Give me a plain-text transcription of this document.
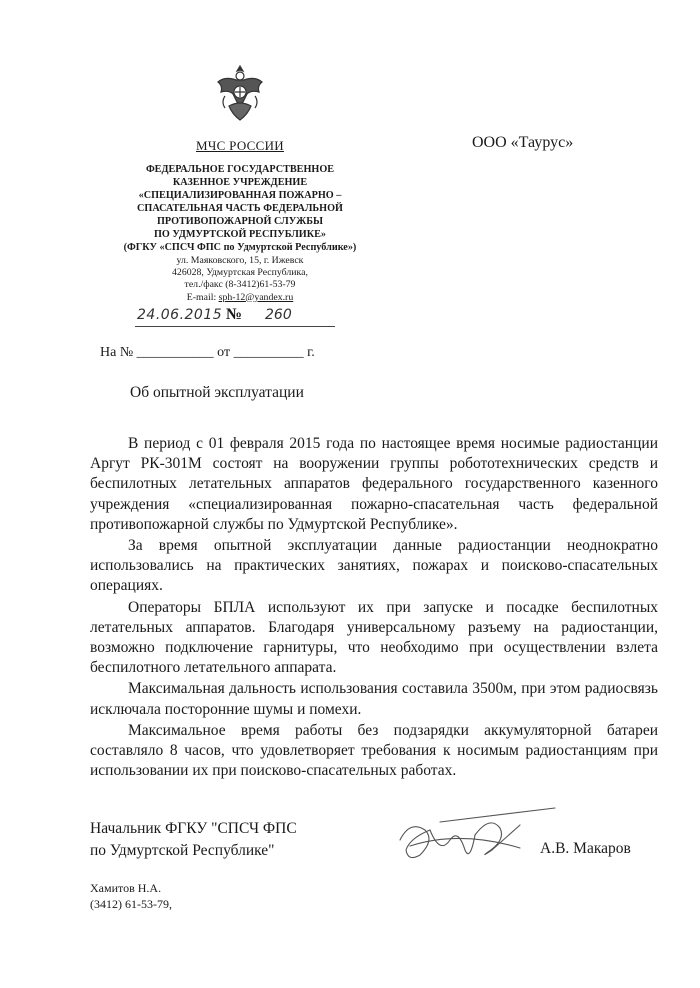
МЧС РОССИИ
ФЕДЕРАЛЬНОЕ ГОСУДАРСТВЕННОЕ
КАЗЕННОЕ УЧРЕЖДЕНИЕ
«СПЕЦИАЛИЗИРОВАННАЯ ПОЖАРНО –
СПАСАТЕЛЬНАЯ ЧАСТЬ ФЕДЕРАЛЬНОЙ
ПРОТИВОПОЖАРНОЙ СЛУЖБЫ
ПО УДМУРТСКОЙ РЕСПУБЛИКЕ»
(ФГКУ «СПСЧ ФПС по Удмуртской Республике»)
ул. Маяковского, 15, г. Ижевск
426028, Удмуртская Республика,
тел./факс (8-3412)61-53-79
E-mail: sph-12@yandex.ru
ООО «Таурус»
24.06.2015 № 260
На № ___________ от __________ г.
Об опытной эксплуатации

В период с 01 февраля 2015 года по настоящее время носимые радиостанции Аргут РК-301М состоят на вооружении группы робототехнических средств и беспилотных летательных аппаратов федерального государственного казенного учреждения «специализированная пожарно-спасательная часть федеральной противопожарной службы по Удмуртской Республике».

За время опытной эксплуатации данные радиостанции неоднократно использовались на практических занятиях, пожарах и поисково-спасательных операциях.

Операторы БПЛА используют их при запуске и посадке беспилотных летательных аппаратов. Благодаря универсальному разъему на радиостанции, возможно подключение гарнитуры, что необходимо при осуществлении взлета беспилотного летательного аппарата.

Максимальная дальность использования составила 3500м, при этом радиосвязь исключала посторонние шумы и помехи.

Максимальное время работы без подзарядки аккумуляторной батареи составляло 8 часов, что удовлетворяет требования к носимым радиостанциям при использовании их при поисково-спасательных работах.

Начальник ФГКУ "СПСЧ ФПС
по Удмуртской Республике"	А.В. Макаров
Хамитов Н.А.
(3412) 61-53-79,
